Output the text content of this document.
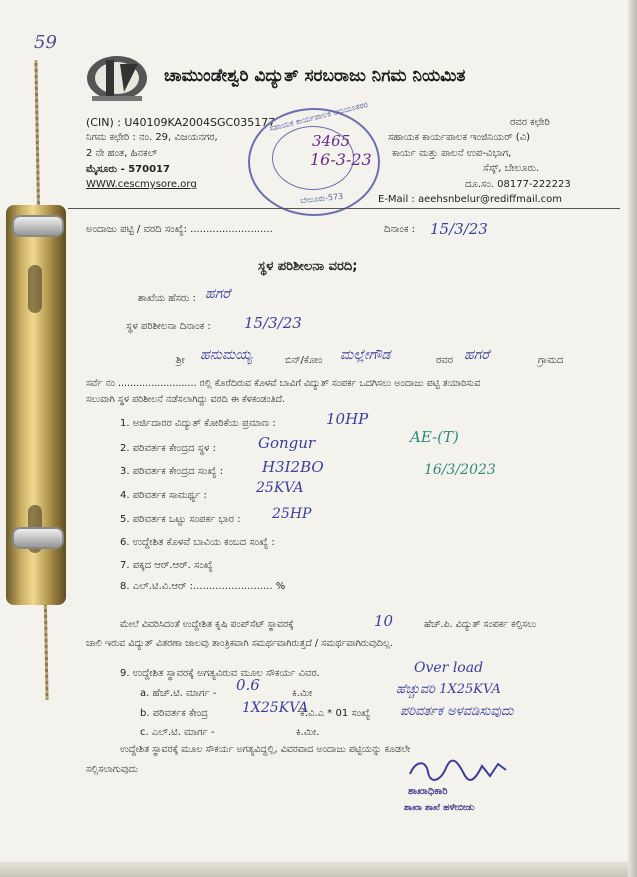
59
ಚಾಮುಂಡೇಶ್ವರಿ ವಿದ್ಯುತ್ ಸರಬರಾಜು ನಿಗಮ ನಿಯಮಿತ
(CIN) : U40109KA2004SGC035177
ನಿಗಮ ಕಛೇರಿ : ನಂ. 29, ವಿಜಯನಗರ,
2 ನೇ ಹಂತ, ಹಿನಕಲ್
ಮೈಸೂರು - 570017
WWW.cescmysore.org
ರವರ ಕಛೇರಿ
ಸಹಾಯಕ ಕಾರ್ಯಪಾಲಕ ಇಂಜಿನಿಯರ್ (ವಿ)
ಕಾರ್ಯ ಮತ್ತು ಪಾಲನೆ ಉಪ-ವಿಭಾಗ,
ಸೆಸ್ಕ್, ಬೇಲೂರು.
ದೂ.ಸಂ. 08177-222223
E-Mail : aeehsnbelur@rediffmail.com
ಸಹಾಯಕ ಕಾರ್ಯಪಾಲಕ ಅಭಿಯಂತರರ
ಬೇಲೂರು-573
3465
16-3-23
ಅಂದಾಜು ಪಟ್ಟಿ / ವರದಿ ಸಂಖ್ಯೆ: ..........................	ದಿನಾಂಕ : 15/3/23
ಸ್ಥಳ ಪರಿಶೀಲನಾ ವರದಿ;
ಶಾಖೆಯ ಹೆಸರು : ಹಗರೆ
ಸ್ಥಳ ಪರಿಶೀಲನಾ ದಿನಾಂಕ : 15/3/23
ಶ್ರೀ ಹನುಮಯ್ಯ	ಬಿನ್/ಕೋಂ ಮಲ್ಲೇಗೌಡ	ರವರ ಹಗರೆ	ಗ್ರಾಮದ
ಸರ್ವೆ ನಂ .......................... ರಲ್ಲಿ ಕೊರೆದಿರುವ ಕೊಳವೆ ಬಾವಿಗೆ ವಿದ್ಯುತ್ ಸಂಪರ್ಕ ಒದಗಿಸಲು ಅಂದಾಜು ಪಟ್ಟಿ ತಯಾರಿಸುವ
ಸಲುವಾಗಿ ಸ್ಥಳ ಪರಿಶೀಲನೆ ನಡೆಸಲಾಗಿದ್ದು ವರದಿ ಈ ಕೆಳಕಂಡಂತಿದೆ.
1. ಅರ್ಜಿದಾರರ ವಿದ್ಯುತ್ ಕೋರಿಕೆಯ ಪ್ರಮಾಣ :	10HP
2. ಪರಿವರ್ತಕ ಕೇಂದ್ರದ ಸ್ಥಳ :	Gongur
3. ಪರಿವರ್ತಕ ಕೇಂದ್ರದ ಸಂಖ್ಯೆ :	H3I2BO
4. ಪರಿವರ್ತಕ ಸಾಮರ್ಥ್ಯ :	25KVA
5. ಪರಿವರ್ತಕ ಒಟ್ಟು ಸಂಪರ್ಕ ಭಾರ : 25HP
6. ಉದ್ದೇಶಿತ ಕೊಳವೆ ಬಾವಿಯ ಕಂಬದ ಸಂಖ್ಯೆ :
7. ಪಕ್ಕದ ಆರ್.ಆರ್. ಸಂಖ್ಯೆ
8. ಎಲ್.ಟಿ.ವಿ.ಆರ್ :......................... %
AE-(T)
16/3/2023
ಮೇಲೆ ವಿವರಿಸಿದಂತೆ ಉದ್ದೇಶಿತ ಕೃಷಿ ಪಂಪ್‌ಸೆಟ್ ಸ್ಥಾವರಕ್ಕೆ	10	ಹೆಚ್.ಪಿ. ವಿದ್ಯುತ್ ಸಂಪರ್ಕ ಕಲ್ಪಿಸಲು
ಚಾಲಿ ಇರುವ ವಿದ್ಯುತ್ ವಿತರಣಾ ಜಾಲವು ತಾಂತ್ರಿಕವಾಗಿ ಸಮರ್ಥವಾಗಿರುತ್ತದೆ / ಸಮರ್ಥವಾಗಿರುವುದಿಲ್ಲ.
9. ಉದ್ದೇಶಿತ ಸ್ಥಾವರಕ್ಕೆ ಅಗತ್ಯವಿರುವ ಮೂಲ ಸೌಕರ್ಯ ವಿವರ.
a. ಹೆಚ್.ಟಿ. ಮಾರ್ಗ - 0.6	ಕಿ.ಮೀ
b. ಪರಿವರ್ತಕ ಕೇಂದ್ರ 1X25KVA
ಕೆ.ವಿ.ಎ * 01 ಸಂಖ್ಯೆ
c. ಎಲ್.ಟಿ. ಮಾರ್ಗ -	ಕಿ.ಮೀ.
Over load
ಹೆಚ್ಚುವರಿ 1X25KVA
ಪರಿವರ್ತಕ ಅಳವಡಿಸುವುದು
ಉದ್ದೇಶಿತ ಸ್ಥಾವರಕ್ಕೆ ಮೂಲ ಸೌಕರ್ಯ ಅಗತ್ಯವಿದ್ದಲ್ಲಿ, ವಿವರವಾದ ಅಂದಾಜು ಪಟ್ಟಿಯನ್ನು ಕೂಡಲೇ
ಸಲ್ಲಿಸಲಾಗುವುದು
ಶಾಖಾಧಿಕಾರಿ
ಶಾಖಾ ಶಾಖೆ ಹಳೇಬೀಡು
